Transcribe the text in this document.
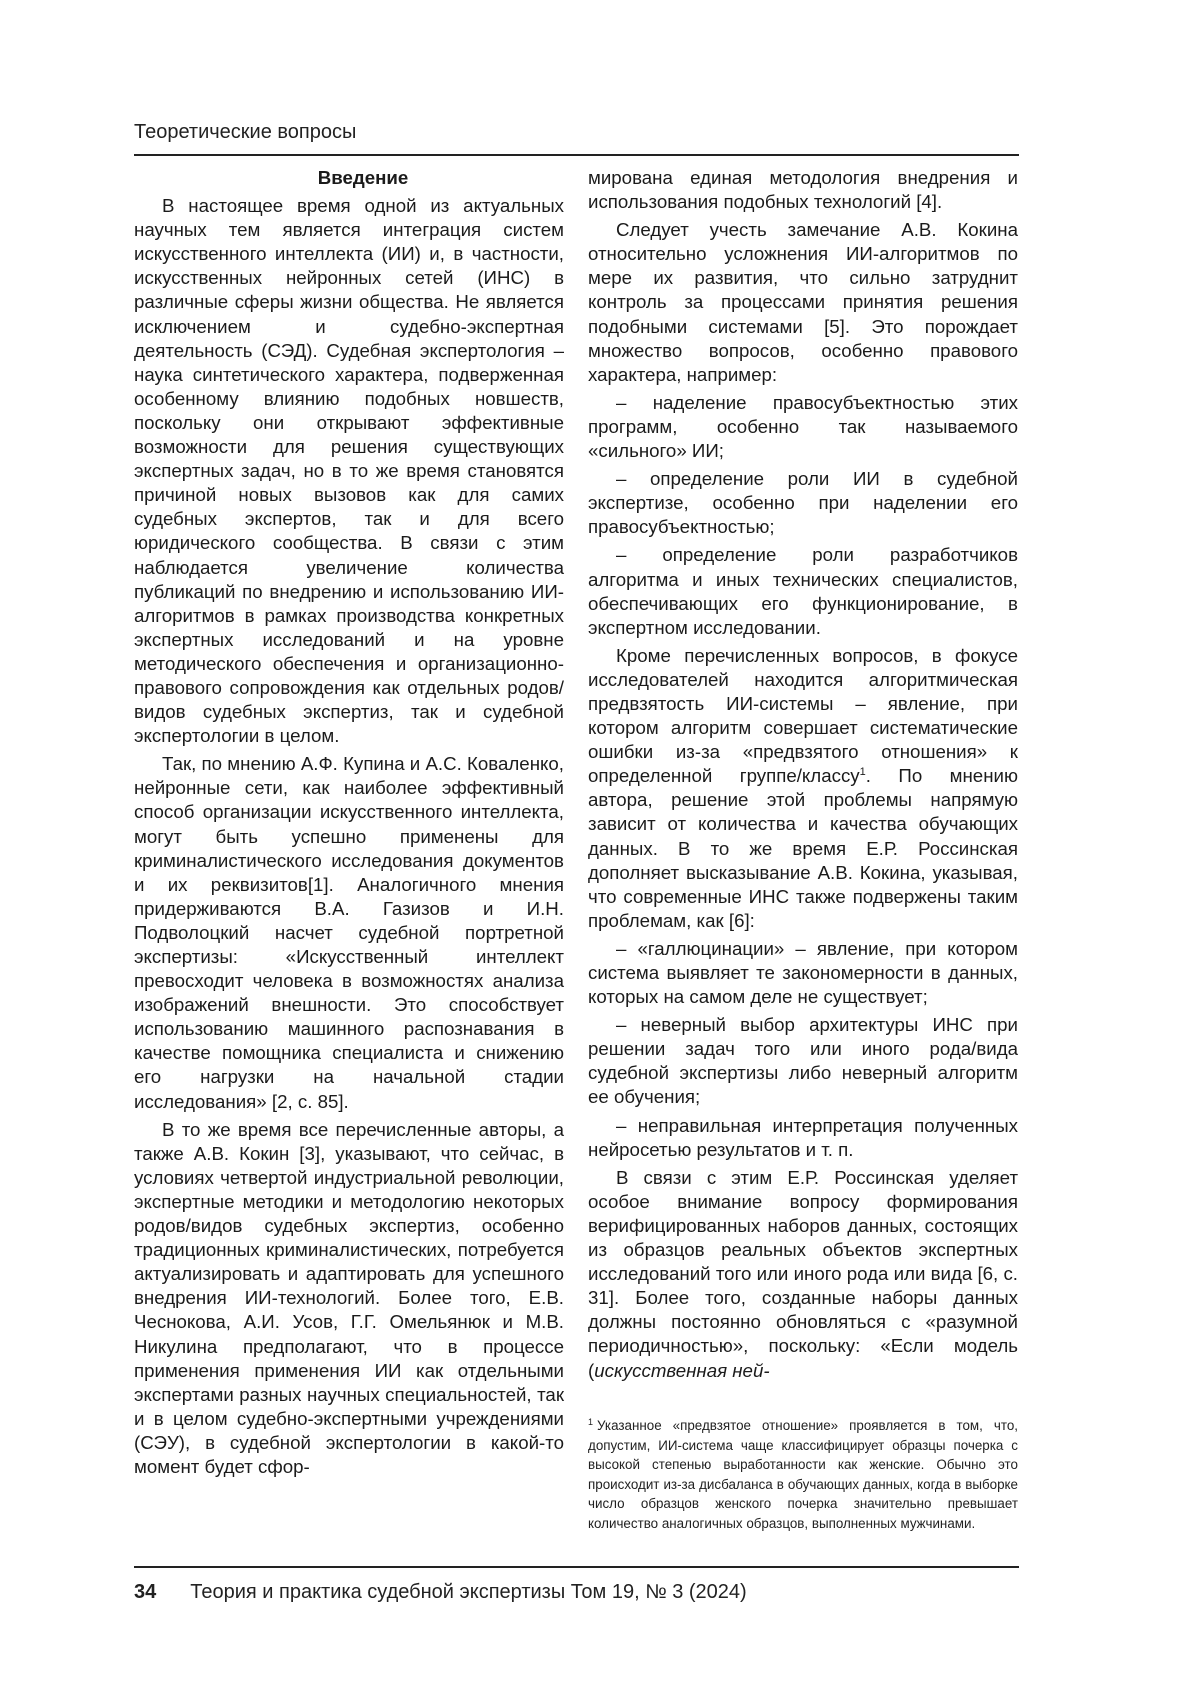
Теоретические вопросы

Введение

В настоящее время одной из актуальных научных тем является интеграция систем искусственного интеллекта (ИИ) и, в частности, искусственных нейронных сетей (ИНС) в различные сферы жизни общества. Не является исключением и судебно-экспертная деятельность (СЭД). Судебная экспертология – наука синтетического характера, подверженная особенному влиянию подобных новшеств, поскольку они открывают эффективные возможности для решения существующих экспертных задач, но в то же время становятся причиной новых вызовов как для самих судебных экспертов, так и для всего юридического сообщества. В связи с этим наблюдается увеличение количества публикаций по внедрению и использованию ИИ-алгоритмов в рамках производства конкретных экспертных исследований и на уровне методического обеспечения и организационно-правового сопровождения как отдельных родов/видов судебных экспертиз, так и судебной экспертологии в целом.

Так, по мнению А.Ф. Купина и А.С. Коваленко, нейронные сети, как наиболее эффективный способ организации искусственного интеллекта, могут быть успешно применены для криминалистического исследования документов и их реквизитов[1]. Аналогичного мнения придерживаются В.А. Газизов и И.Н. Подволоцкий насчет судебной портретной экспертизы: «Искусственный интеллект превосходит человека в возможностях анализа изображений внешности. Это способствует использованию машинного распознавания в качестве помощника специалиста и снижению его нагрузки на начальной стадии исследования» [2, с. 85].

В то же время все перечисленные авторы, а также А.В. Кокин [3], указывают, что сейчас, в условиях четвертой индустриальной революции, экспертные методики и методологию некоторых родов/видов судебных экспертиз, особенно традиционных криминалистических, потребуется актуализировать и адаптировать для успешного внедрения ИИ-технологий. Более того, Е.В. Чеснокова, А.И. Усов, Г.Г. Омельянюк и М.В. Никулина предполагают, что в процессе применения применения ИИ как отдельными экспертами разных научных специальностей, так и в целом судебно-экспертными учреждениями (СЭУ), в судебной экспертологии в какой-то момент будет сфор-

мирована единая методология внедрения и использования подобных технологий [4].

Следует учесть замечание А.В. Кокина относительно усложнения ИИ-алгоритмов по мере их развития, что сильно затруднит контроль за процессами принятия решения подобными системами [5]. Это порождает множество вопросов, особенно правового характера, например:

– наделение правосубъектностью этих программ, особенно так называемого «сильного» ИИ;

– определение роли ИИ в судебной экспертизе, особенно при наделении его правосубъектностью;

– определение роли разработчиков алгоритма и иных технических специалистов, обеспечивающих его функционирование, в экспертном исследовании.

Кроме перечисленных вопросов, в фокусе исследователей находится алгоритмическая предвзятость ИИ-системы – явление, при котором алгоритм совершает систематические ошибки из-за «предвзятого отношения» к определенной группе/классу$^1$. По мнению автора, решение этой проблемы напрямую зависит от количества и качества обучающих данных. В то же время Е.Р. Россинская дополняет высказывание А.В. Кокина, указывая, что современные ИНС также подвержены таким проблемам, как [6]:

– «галлюцинации» – явление, при котором система выявляет те закономерности в данных, которых на самом деле не существует;

– неверный выбор архитектуры ИНС при решении задач того или иного рода/вида судебной экспертизы либо неверный алгоритм ее обучения;

– неправильная интерпретация полученных нейросетью результатов и т. п.

В связи с этим Е.Р. Россинская уделяет особое внимание вопросу формирования верифицированных наборов данных, состоящих из образцов реальных объектов экспертных исследований того или иного рода или вида [6, с. 31]. Более того, созданные наборы данных должны постоянно обновляться с «разумной периодичностью», поскольку: «Если модель (искусственная ней-

$^1$ Указанное «предвзятое отношение» проявляется в том, что, допустим, ИИ-система чаще классифицирует образцы почерка с высокой степенью выработанности как женские. Обычно это происходит из-за дисбаланса в обучающих данных, когда в выборке число образцов женского почерка значительно превышает количество аналогичных образцов, выполненных мужчинами.
34 Теория и практика судебной экспертизы Том 19, № 3 (2024)
